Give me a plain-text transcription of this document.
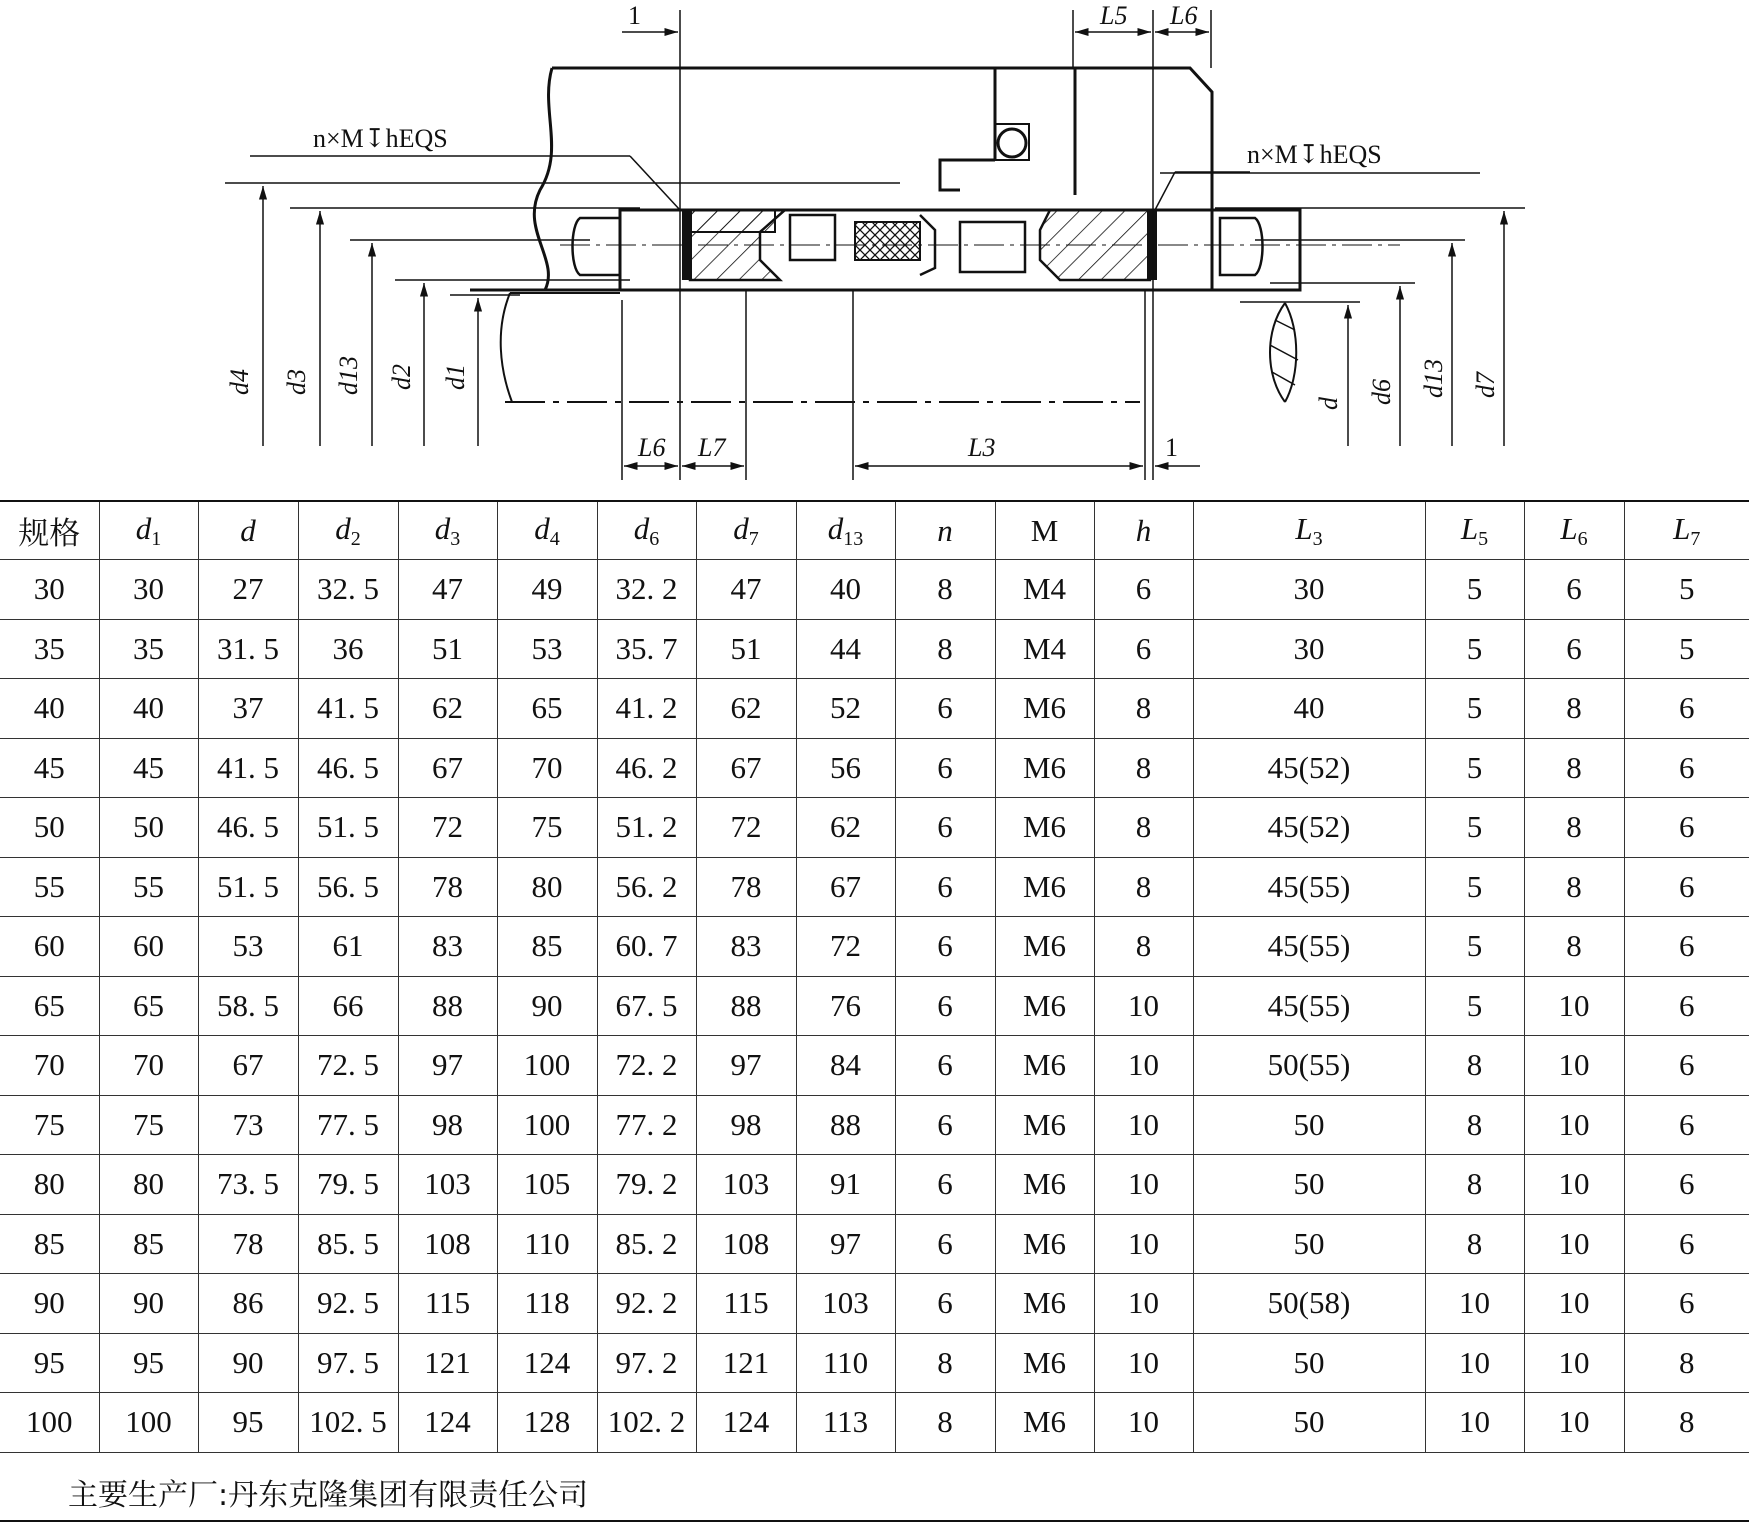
n×M↧hEQS
n×M↧hEQS
1	L5 L6
L6 L7	L3	1
d4 d3 d13 d2 d1
d d6 d13 d7
规格	$d_1$	d	$d_2$	$d_3$	$d_4$	$d_6$	$d_7$	$d_{13}$	n	M	h	$L_3$	$L_5$	$L_6$	$L_7$
30	30	27	32. 5	47	49	32. 2	47	40	8	M4	6	30	5	6	5
35	35	31. 5	36	51	53	35. 7	51	44	8	M4	6	30	5	6	5
40	40	37	41. 5	62	65	41. 2	62	52	6	M6	8	40	5	8	6
45	45	41. 5	46. 5	67	70	46. 2	67	56	6	M6	8	45(52)	5	8	6
50	50	46. 5	51. 5	72	75	51. 2	72	62	6	M6	8	45(52)	5	8	6
55	55	51. 5	56. 5	78	80	56. 2	78	67	6	M6	8	45(55)	5	8	6
60	60	53	61	83	85	60. 7	83	72	6	M6	8	45(55)	5	8	6
65	65	58. 5	66	88	90	67. 5	88	76	6	M6	10	45(55)	5	10	6
70	70	67	72. 5	97	100	72. 2	97	84	6	M6	10	50(55)	8	10	6
75	75	73	77. 5	98	100	77. 2	98	88	6	M6	10	50	8	10	6
80	80	73. 5	79. 5	103	105	79. 2	103	91	6	M6	10	50	8	10	6
85	85	78	85. 5	108	110	85. 2	108	97	6	M6	10	50	8	10	6
90	90	86	92. 5	115	118	92. 2	115	103	6	M6	10	50(58)	10	10	6
95	95	90	97. 5	121	124	97. 2	121	110	8	M6	10	50	10	10	8
100	100	95	102. 5	124	128	102. 2	124	113	8	M6	10	50	10	10	8
主要生产厂:丹东克隆集团有限责任公司
